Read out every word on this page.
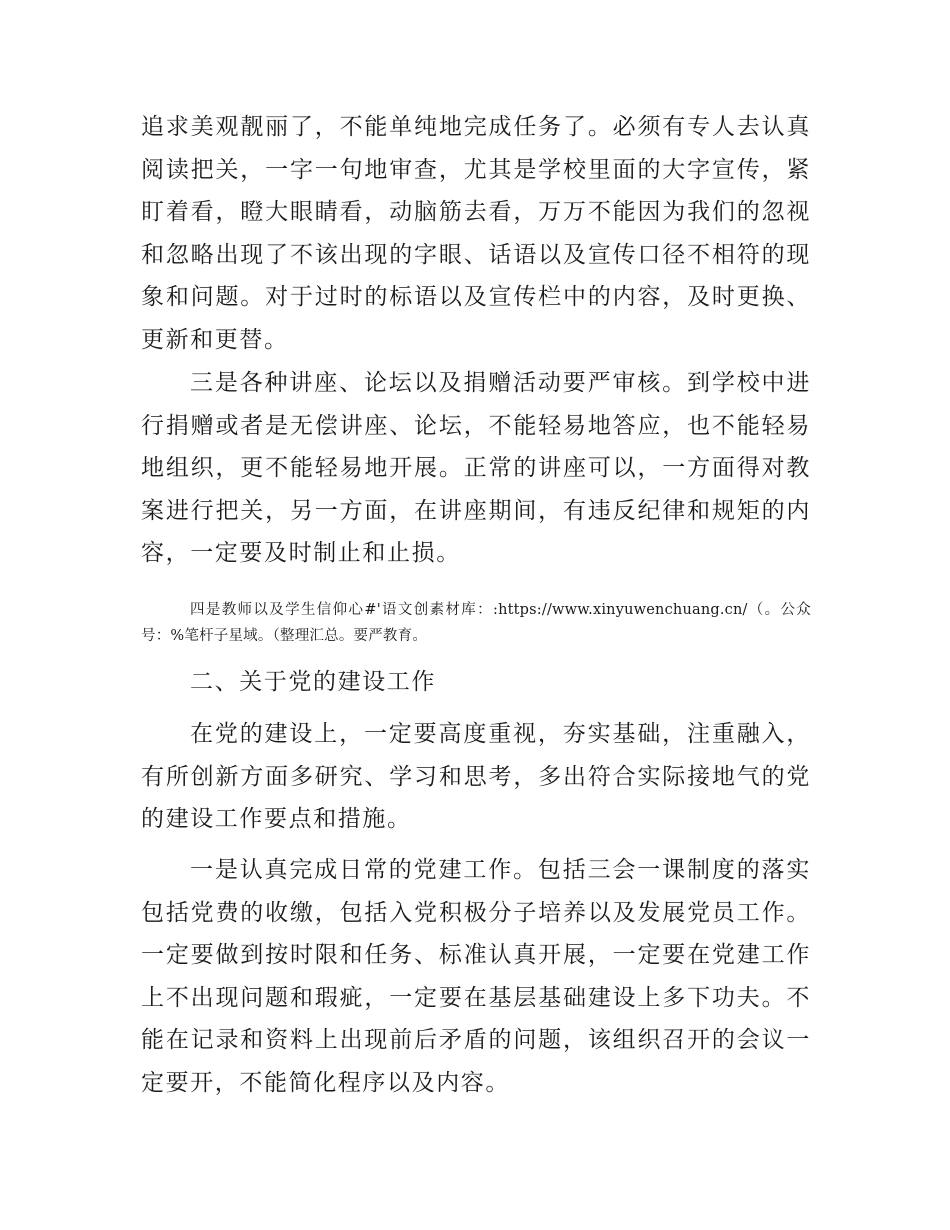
追求美观靓丽了，不能单纯地完成任务了。必须有专人去认真阅读把关，一字一句地审查，尤其是学校里面的大字宣传，紧盯着看，瞪大眼睛看，动脑筋去看，万万不能因为我们的忽视和忽略出现了不该出现的字眼、话语以及宣传口径不相符的现象和问题。对于过时的标语以及宣传栏中的内容，及时更换、更新和更替。

三是各种讲座、论坛以及捐赠活动要严审核。到学校中进行捐赠或者是无偿讲座、论坛，不能轻易地答应，也不能轻易地组织，更不能轻易地开展。正常的讲座可以，一方面得对教案进行把关，另一方面，在讲座期间，有违反纪律和规矩的内容，一定要及时制止和止损。

四是教师以及学生信仰心#'语文创素材库：:https://www.xinyuwenchuang.cn/（。公众号：%笔杆子星域。（整理汇总。要严教育。

二、关于党的建设工作

在党的建设上，一定要高度重视，夯实基础，注重融入，有所创新方面多研究、学习和思考，多出符合实际接地气的党的建设工作要点和措施。

一是认真完成日常的党建工作。包括三会一课制度的落实包括党费的收缴，包括入党积极分子培养以及发展党员工作。一定要做到按时限和任务、标准认真开展，一定要在党建工作上不出现问题和瑕疵，一定要在基层基础建设上多下功夫。不能在记录和资料上出现前后矛盾的问题，该组织召开的会议一定要开，不能简化程序以及内容。
